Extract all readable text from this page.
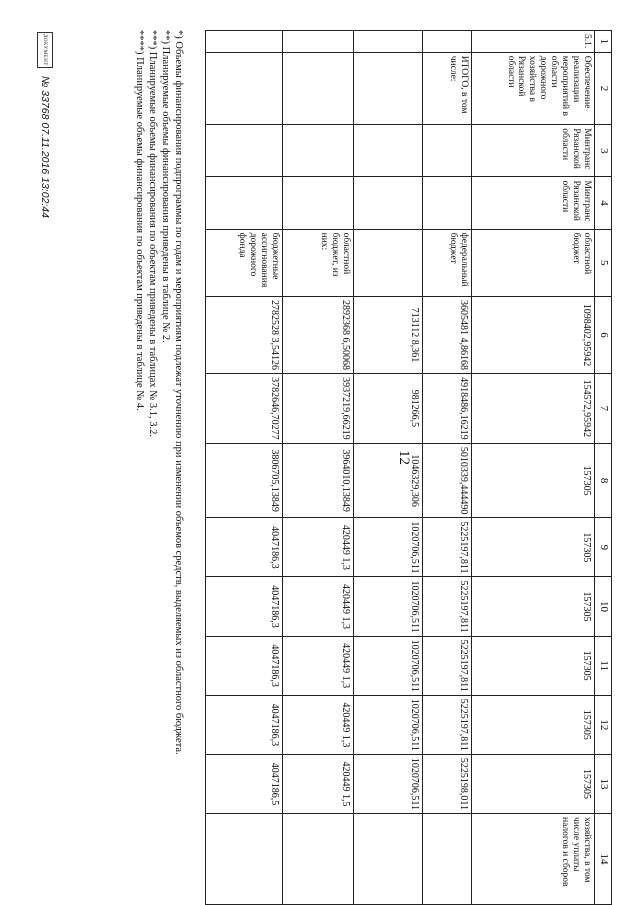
12
1	2	3	4	5	6	7	8	9	10	11	12	13	14
5.1.	Обеспечение реализации мероприятий в области дорожного хозяйства в Рязанской области	Минтранс Рязанской области	Минтранс Рязанской области	областной бюджет	1098402,95942	154572,95942	157305	157305	157305	157305	157305	157305	хозяйства, в том числе уплаты налогов и сборов
	ИТОГО, в том числе:			федеральный бюджет	3605481 4,86168	4918486,16219	5010339,444490	5225197,811	5225197,811	5225197,811	5225197,811	5225198,011	
					713112 8,361	981266,5	1046329,306	1020706,511	1020706,511	1020706,511	1020706,511	1020706,511	
				областной бюджет, из них:	2892368 6,50068	3937219,66219	3964010,13849	420449 1,3	420449 1,3	420449 1,3	420449 1,3	420449 1,5	
				бюджетные ассигнования дорожного фонда	2782528 3,54126	3782646,70277	3806705,13849	4047186,3	4047186,3	4047186,3	4047186,3	4047186,5	
*) Объемы финансирования подпрограммы по годам и мероприятиям подлежат уточнению при изменении объемов средств, выделяемых из областного бюджета.
**) Планируемые объемы финансирования приведены в таблице № 2.
***) Планируемые объемы финансирования по объектам приведены в таблицах № 3.1, 3.2.
****) Планируемые объемы финансирования по объектам приведены в таблице № 4.
ДОКУМЕНТ
№ 33768 07.11.2016 13:02:44
